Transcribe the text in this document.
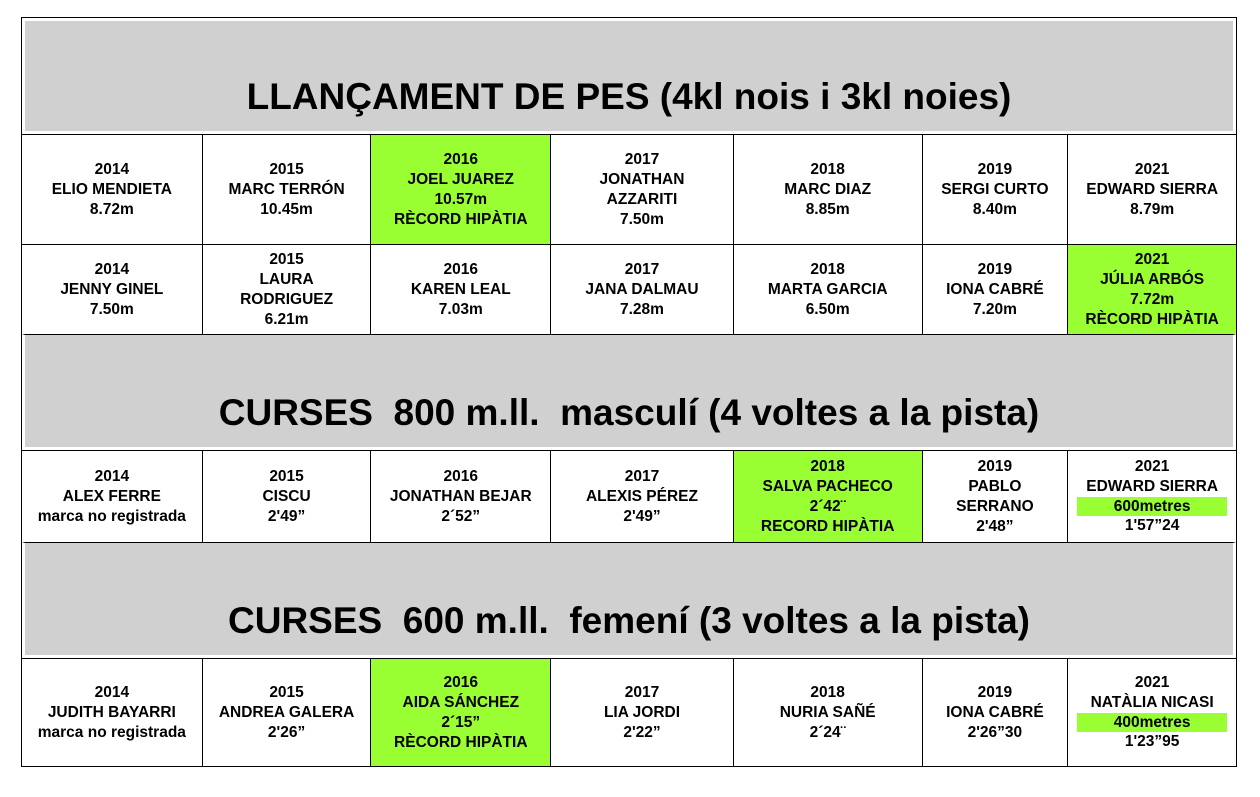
LLANÇAMENT DE PES (4kl nois i 3kl noies)
2014
ELIO MENDIETA
8.72m
2015
MARC TERRÓN
10.45m
2016
JOEL JUAREZ
10.57m
RÈCORD HIPÀTIA
2017
JONATHAN
AZZARITI
7.50m
2018
MARC DIAZ
8.85m
2019
SERGI CURTO
8.40m
2021
EDWARD SIERRA
8.79m
2014
JENNY GINEL
7.50m
2015
LAURA
RODRIGUEZ
6.21m
2016
KAREN LEAL
7.03m
2017
JANA DALMAU
7.28m
2018
MARTA GARCIA
6.50m
2019
IONA CABRÉ
7.20m
2021
JÚLIA ARBÓS
7.72m
RÈCORD HIPÀTIA
CURSES  800 m.ll.  masculí (4 voltes a la pista)
2014
ALEX FERRE
marca no registrada
2015
CISCU
2'49”
2016
JONATHAN BEJAR
2´52”
2017
ALEXIS PÉREZ
2'49”
2018
SALVA PACHECO
2´42¨
RECORD HIPÀTIA
2019
PABLO
SERRANO
2'48”
2021
EDWARD SIERRA
600metres
1'57”24
CURSES  600 m.ll.  femení (3 voltes a la pista)
2014
JUDITH BAYARRI
marca no registrada
2015
ANDREA GALERA
2'26”
2016
AIDA SÁNCHEZ
2´15”
RÈCORD HIPÀTIA
2017
LIA JORDI
2'22”
2018
NURIA SAÑÉ
2´24¨
2019
IONA CABRÉ
2'26”30
2021
NATÀLIA NICASI
400metres
1'23”95
